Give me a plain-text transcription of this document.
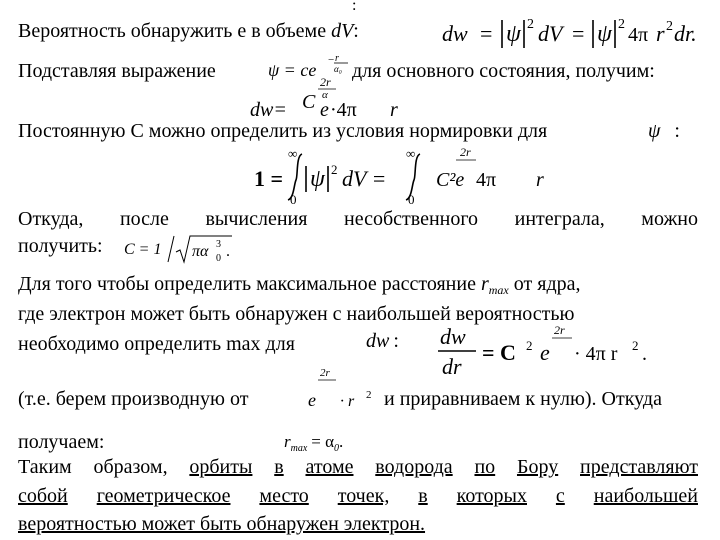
:
Вероятность обнаружить е в объеме dV:	dw = ψ 2 dV = ψ 2 4π r 2 dr.
Подставляя выражение	ψ = ce − r
α₀ для основного состояния, получим:
2r
α
dw= C e ·4π r
Постоянную С можно определить из условия нормировки для	ψ :
1 =
∞
0
ψ 2 dV =
∞
0
2r
C²e 4π r
Откуда, после вычисления несобственного интеграла, можно
получить: C = 1 πα 3
0 .
Для того чтобы определить максимальное расстояние $r_{max}$ от ядра,
где электрон может быть обнаружен с наибольшей вероятностью
необходимо определить max для	dw : dw
dr
= C 2 e
2r
· 4π r 2 .
(т.е. берем производную от
2r
e · r 2 и приравниваем к нулю). Откуда
получаем:	$r_{max} = \alpha_0$.
Таким образом, орбиты в атоме водорода по Бору представляют
собой геометрическое место точек, в которых с наибольшей
вероятностью может быть обнаружен электрон.
